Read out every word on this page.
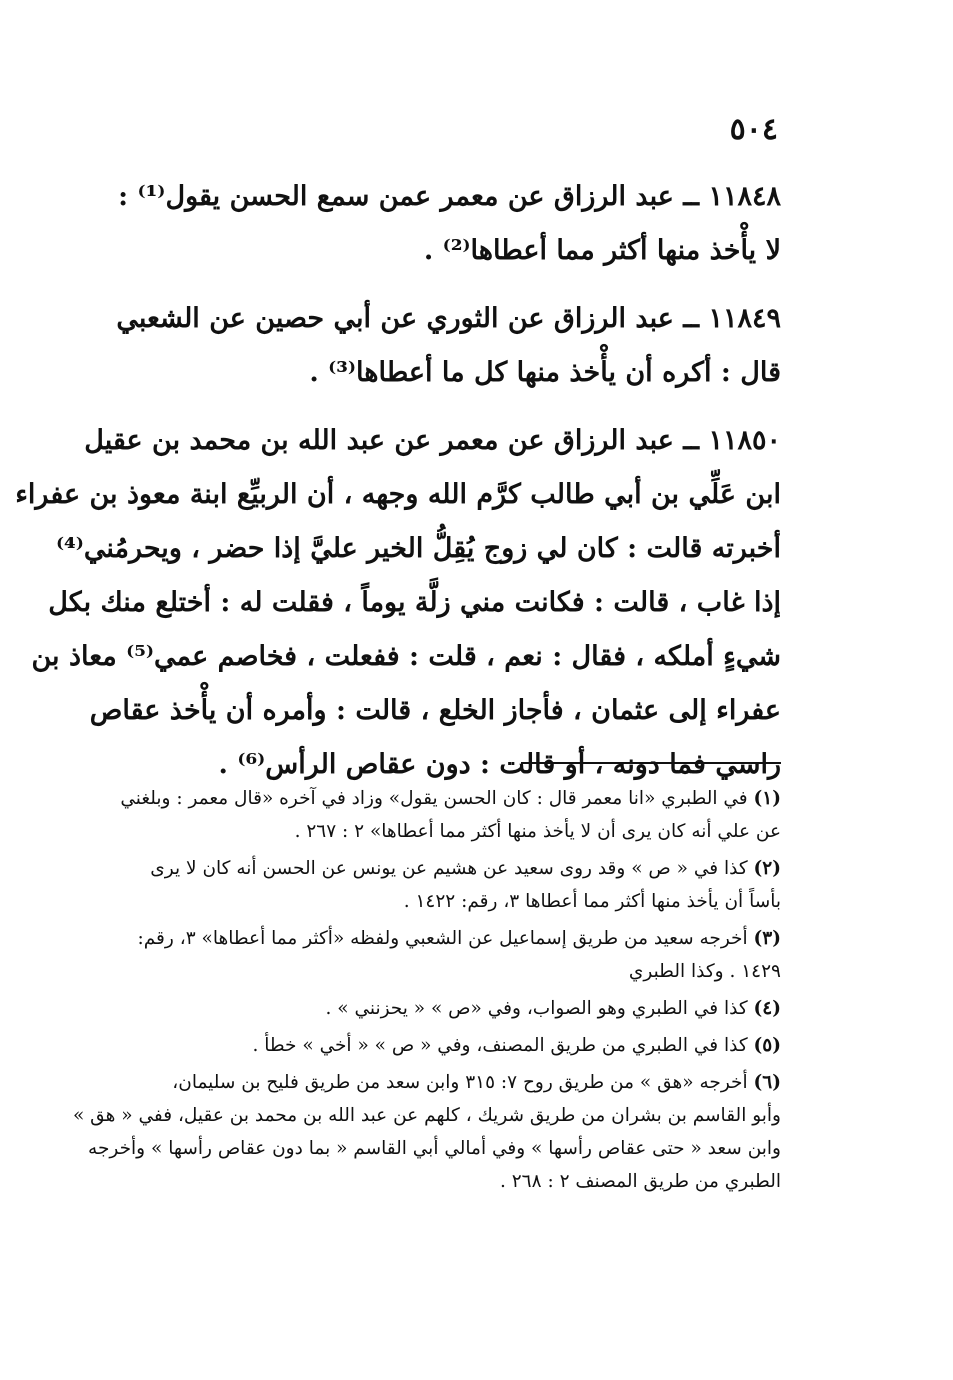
٥٠٤
١١٨٤٨ ــ عبد الرزاق عن معمر عمن سمع الحسن يقول⁽¹⁾ :
لا يأْخذ منها أكثر مما أعطاها⁽²⁾ .
١١٨٤٩ ــ عبد الرزاق عن الثوري عن أبي حصين عن الشعبي
قال : أكره أن يأْخذ منها كل ما أعطاها⁽³⁾ .
١١٨٥٠ ــ عبد الرزاق عن معمر عن عبد الله بن محمد بن عقيل
ابن عَلِّي بن أبي طالب كرَّم الله وجهه ، أن الربيِّع ابنة معوذ بن عفراء
أخبرته قالت : كان لي زوج يُقِلُّ الخير عليَّ إذا حضر ، ويحرمُني⁽⁴⁾
إذا غاب ، قالت : فكانت مني زلَّة يوماً ، فقلت له : أختلع منك بكل
شيءٍ أملكه ، فقال : نعم ، قلت : ففعلت ، فخاصم عمي⁽⁵⁾ معاذ بن
عفراء إلى عثمان ، فأجاز الخلع ، قالت : وأمره أن يأْخذ عقاص
راسي فما دونه ، أو قالت : دون عقاص الرأس⁽⁶⁾ .
(١) في الطبري «انا معمر قال : كان الحسن يقول» وزاد في آخره «قال معمر : وبلغني
عن علي أنه كان يرى أن لا يأخذ منها أكثر مما أعطاها» ٢ : ٢٦٧ .
(٢) كذا في « ص » وقد روى سعيد عن هشيم عن يونس عن الحسن أنه كان لا يرى
بأساً أن يأخذ منها أكثر مما أعطاها ٣، رقم: ١٤٢٢ .
(٣) أخرجه سعيد من طريق إسماعيل عن الشعبي ولفظه «أكثر مما أعطاها» ٣، رقم:
١٤٢٩ . وكذا الطبري
(٤) كذا في الطبري وهو الصواب، وفي «ص » « يحزنني » .
(٥) كذا في الطبري من طريق المصنف، وفي « ص » « أخي » خطأ .
(٦) أخرجه «هق » من طريق روح ٧: ٣١٥ وابن سعد من طريق فليح بن سليمان،
وأبو القاسم بن بشران من طريق شريك ، كلهم عن عبد الله بن محمد بن عقيل، ففي « هق »
وابن سعد « حتى عقاص رأسها » وفي أمالي أبي القاسم « بما دون عقاص رأسها » وأخرجه
الطبري من طريق المصنف ٢ : ٢٦٨ .
